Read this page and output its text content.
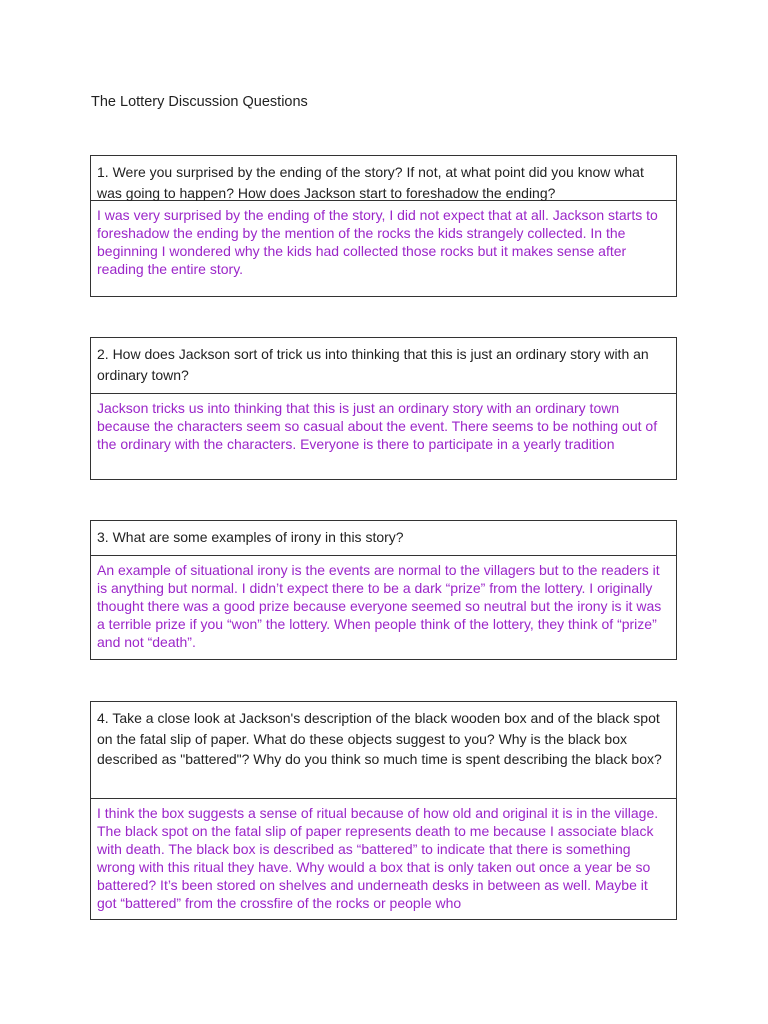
The Lottery Discussion Questions
1. Were you surprised by the ending of the story? If not, at what point did you know what was going to happen? How does Jackson start to foreshadow the ending?
I was very surprised by the ending of the story, I did not expect that at all. Jackson starts to foreshadow the ending by the mention of the rocks the kids strangely collected. In the beginning I wondered why the kids had collected those rocks but it makes sense after reading the entire story.
2. How does Jackson sort of trick us into thinking that this is just an ordinary story with an ordinary town?
Jackson tricks us into thinking that this is just an ordinary story with an ordinary town because the characters seem so casual about the event. There seems to be nothing out of the ordinary with the characters. Everyone is there to participate in a yearly tradition
3. What are some examples of irony in this story?
An example of situational irony is the events are normal to the villagers but to the readers it is anything but normal. I didn’t expect there to be a dark “prize” from the lottery. I originally thought there was a good prize because everyone seemed so neutral but the irony is it was a terrible prize if you “won” the lottery. When people think of the lottery, they think of “prize” and not “death”.
4. Take a close look at Jackson's description of the black wooden box and of the black spot on the fatal slip of paper. What do these objects suggest to you? Why is the black box described as "battered"? Why do you think so much time is spent describing the black box?
I think the box suggests a sense of ritual because of how old and original it is in the village. The black spot on the fatal slip of paper represents death to me because I associate black with death. The black box is described as “battered” to indicate that there is something wrong with this ritual they have. Why would a box that is only taken out once a year be so battered? It’s been stored on shelves and underneath desks in between as well. Maybe it got “battered” from the crossfire of the rocks or people who
